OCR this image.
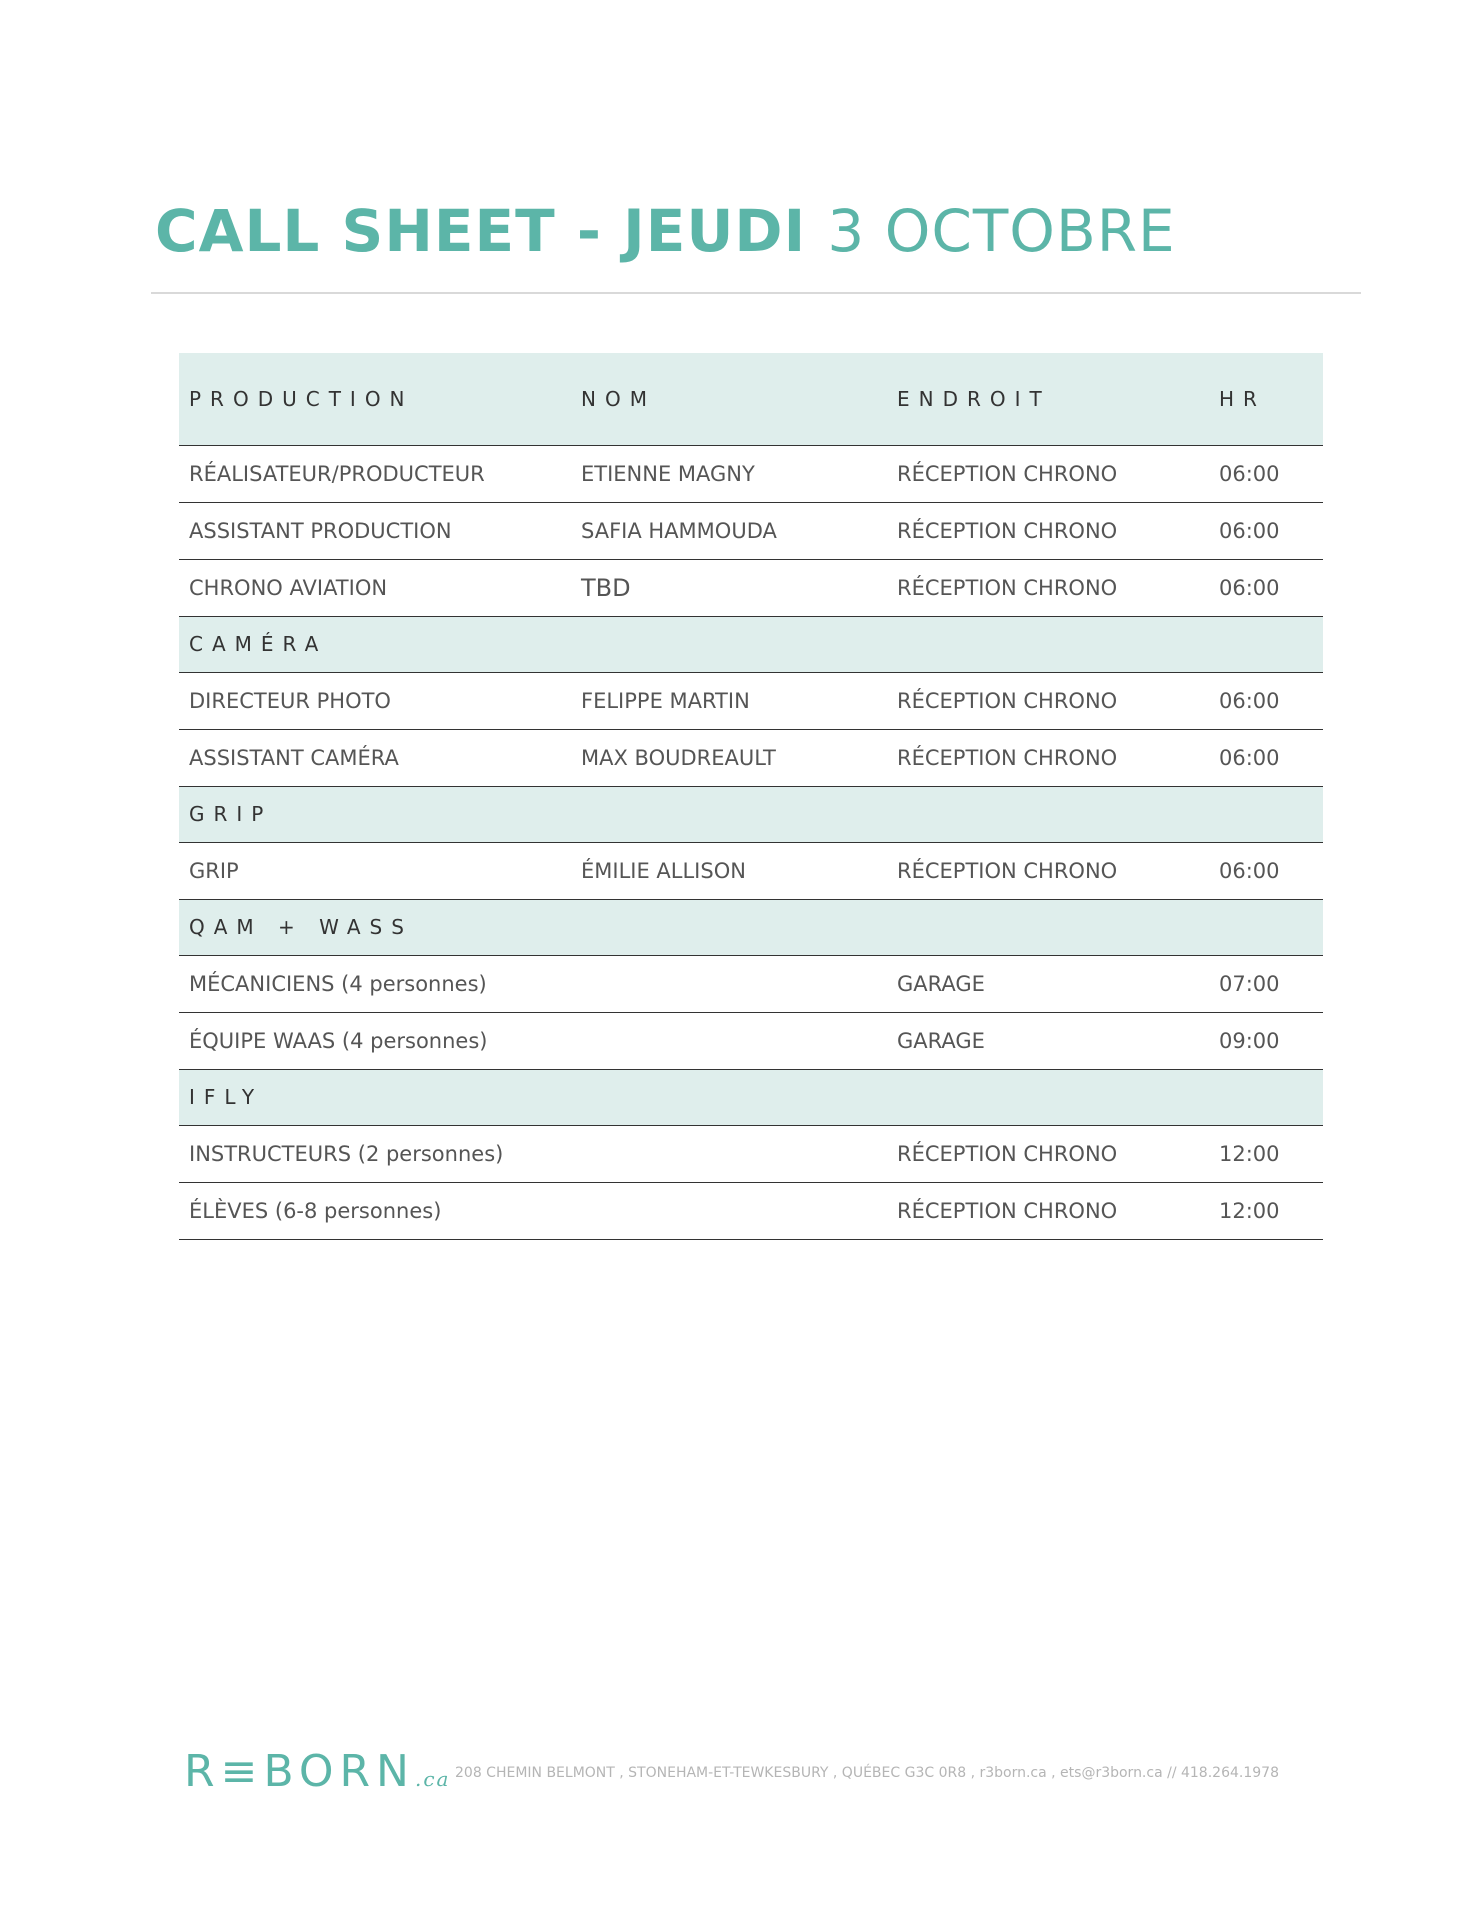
CALL SHEET - JEUDI 3 OCTOBRE
PRODUCTION	NOM	ENDROIT	HR
RÉALISATEUR/PRODUCTEUR	ETIENNE MAGNY	RÉCEPTION CHRONO	06:00
ASSISTANT PRODUCTION	SAFIA HAMMOUDA	RÉCEPTION CHRONO	06:00
CHRONO AVIATION	TBD	RÉCEPTION CHRONO	06:00
CAMÉRA			
DIRECTEUR PHOTO	FELIPPE MARTIN	RÉCEPTION CHRONO	06:00
ASSISTANT CAMÉRA	MAX BOUDREAULT	RÉCEPTION CHRONO	06:00
GRIP			
GRIP	ÉMILIE ALLISON	RÉCEPTION CHRONO	06:00
QAM + WASS			
MÉCANICIENS (4 personnes)		GARAGE	07:00
ÉQUIPE WAAS (4 personnes)		GARAGE	09:00
IFLY			
INSTRUCTEURS (2 personnes)		RÉCEPTION CHRONO	12:00
ÉLÈVES (6-8 personnes)		RÉCEPTION CHRONO	12:00
R≡BORN.ca 208 CHEMIN BELMONT , STONEHAM-ET-TEWKESBURY , QUÉBEC G3C 0R8 , r3born.ca , ets@r3born.ca // 418.264.1978
